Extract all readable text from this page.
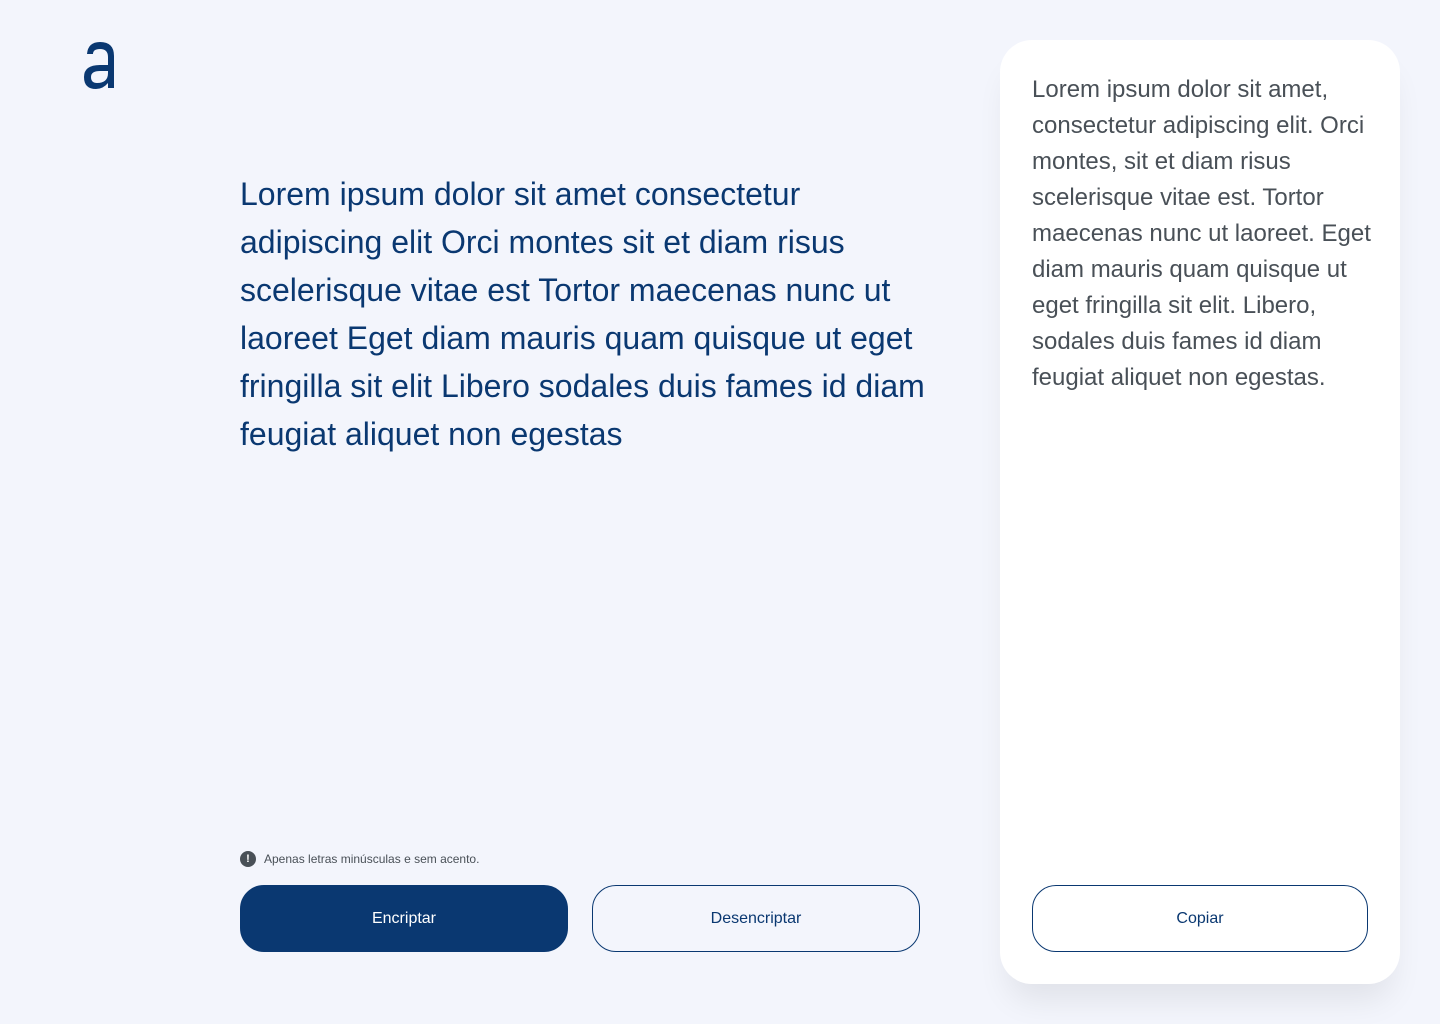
Lorem ipsum dolor sit amet consectetur adipiscing elit Orci montes sit et diam risus scelerisque vitae est Tortor maecenas nunc ut laoreet Eget diam mauris quam quisque ut eget fringilla sit elit Libero sodales duis fames id diam feugiat aliquet non egestas
!	Apenas letras minúsculas e sem acento.
Encriptar	Desencriptar

Lorem ipsum dolor sit amet, consectetur adipiscing elit. Orci montes, sit et diam risus scelerisque vitae est. Tortor maecenas nunc ut laoreet. Eget diam mauris quam quisque ut eget fringilla sit elit. Libero, sodales duis fames id diam feugiat aliquet non egestas.

Copiar
